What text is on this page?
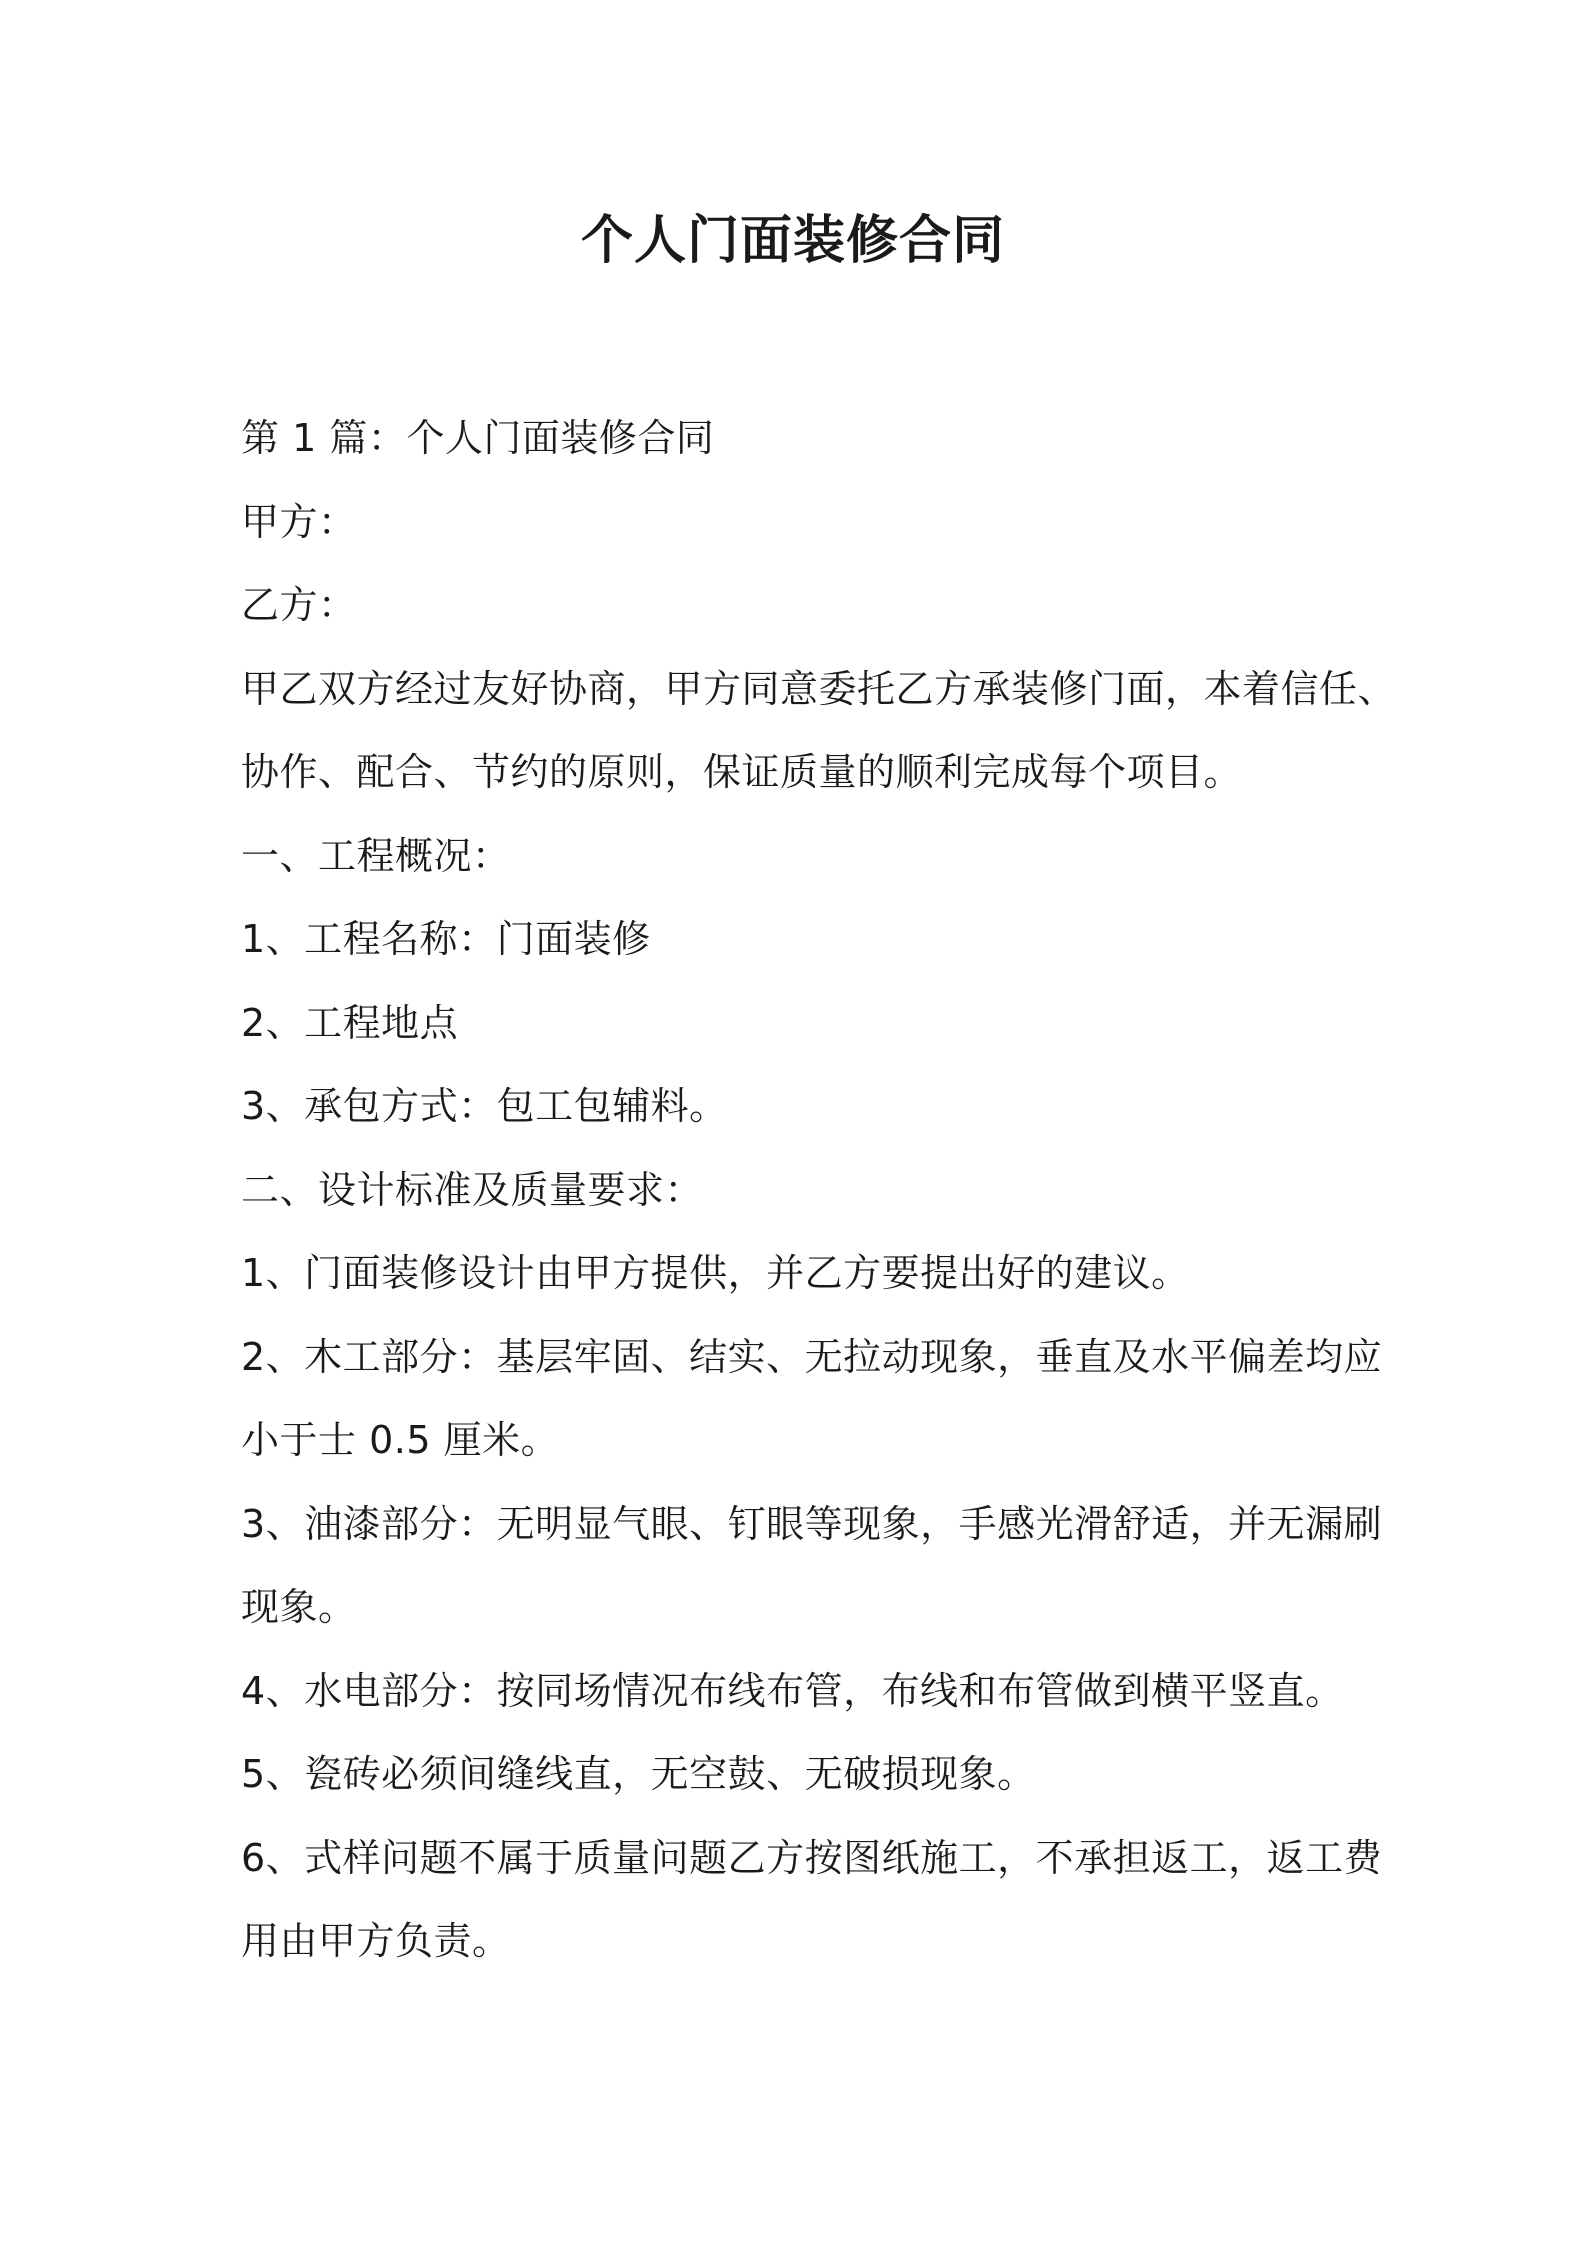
个人门面装修合同
第 1 篇：个人门面装修合同
甲方：
乙方：
甲乙双方经过友好协商，甲方同意委托乙方承装修门面，本着信任、
协作、配合、节约的原则，保证质量的顺利完成每个项目。
一、工程概况：
1、工程名称：门面装修
2、工程地点
3、承包方式：包工包辅料。
二、设计标准及质量要求：
1、门面装修设计由甲方提供，并乙方要提出好的建议。
2、木工部分：基层牢固、结实、无拉动现象，垂直及水平偏差均应
小于士 0.5 厘米。
3、油漆部分：无明显气眼、钉眼等现象，手感光滑舒适，并无漏刷
现象。
4、水电部分：按同场情况布线布管，布线和布管做到横平竖直。
5、瓷砖必须间缝线直，无空鼓、无破损现象。
6、式样问题不属于质量问题乙方按图纸施工，不承担返工，返工费
用由甲方负责。
